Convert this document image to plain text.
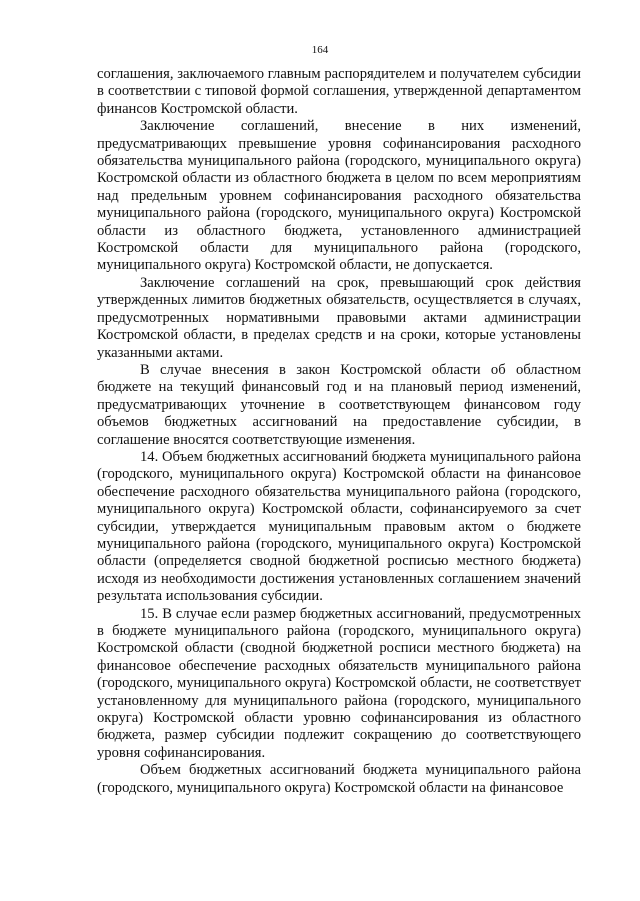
164

соглашения, заключаемого главным распорядителем и получателем субсидии в соответствии с типовой формой соглашения, утвержденной департаментом финансов Костромской области.

Заключение соглашений, внесение в них изменений, предусматривающих превышение уровня софинансирования расходного обязательства муниципального района (городского, муниципального округа) Костромской области из областного бюджета в целом по всем мероприятиям над предельным уровнем софинансирования расходного обязательства муниципального района (городского, муниципального округа) Костромской области из областного бюджета, установленного администрацией Костромской области для муниципального района (городского, муниципального округа) Костромской области, не допускается.

Заключение соглашений на срок, превышающий срок действия утвержденных лимитов бюджетных обязательств, осуществляется в случаях, предусмотренных нормативными правовыми актами администрации Костромской области, в пределах средств и на сроки, которые установлены указанными актами.

В случае внесения в закон Костромской области об областном бюджете на текущий финансовый год и на плановый период изменений, предусматривающих уточнение в соответствующем финансовом году объемов бюджетных ассигнований на предоставление субсидии, в соглашение вносятся соответствующие изменения.

14. Объем бюджетных ассигнований бюджета муниципального района (городского, муниципального округа) Костромской области на финансовое обеспечение расходного обязательства муниципального района (городского, муниципального округа) Костромской области, софинансируемого за счет субсидии, утверждается муниципальным правовым актом о бюджете муниципального района (городского, муниципального округа) Костромской области (определяется сводной бюджетной росписью местного бюджета) исходя из необходимости достижения установленных соглашением значений результата использования субсидии.

15. В случае если размер бюджетных ассигнований, предусмотренных в бюджете муниципального района (городского, муниципального округа) Костромской области (сводной бюджетной росписи местного бюджета) на финансовое обеспечение расходных обязательств муниципального района (городского, муниципального округа) Костромской области, не соответствует установленному для муниципального района (городского, муниципального округа) Костромской области уровню софинансирования из областного бюджета, размер субсидии подлежит сокращению до соответствующего уровня софинансирования.

Объем бюджетных ассигнований бюджета муниципального района (городского, муниципального округа) Костромской области на финансовое
